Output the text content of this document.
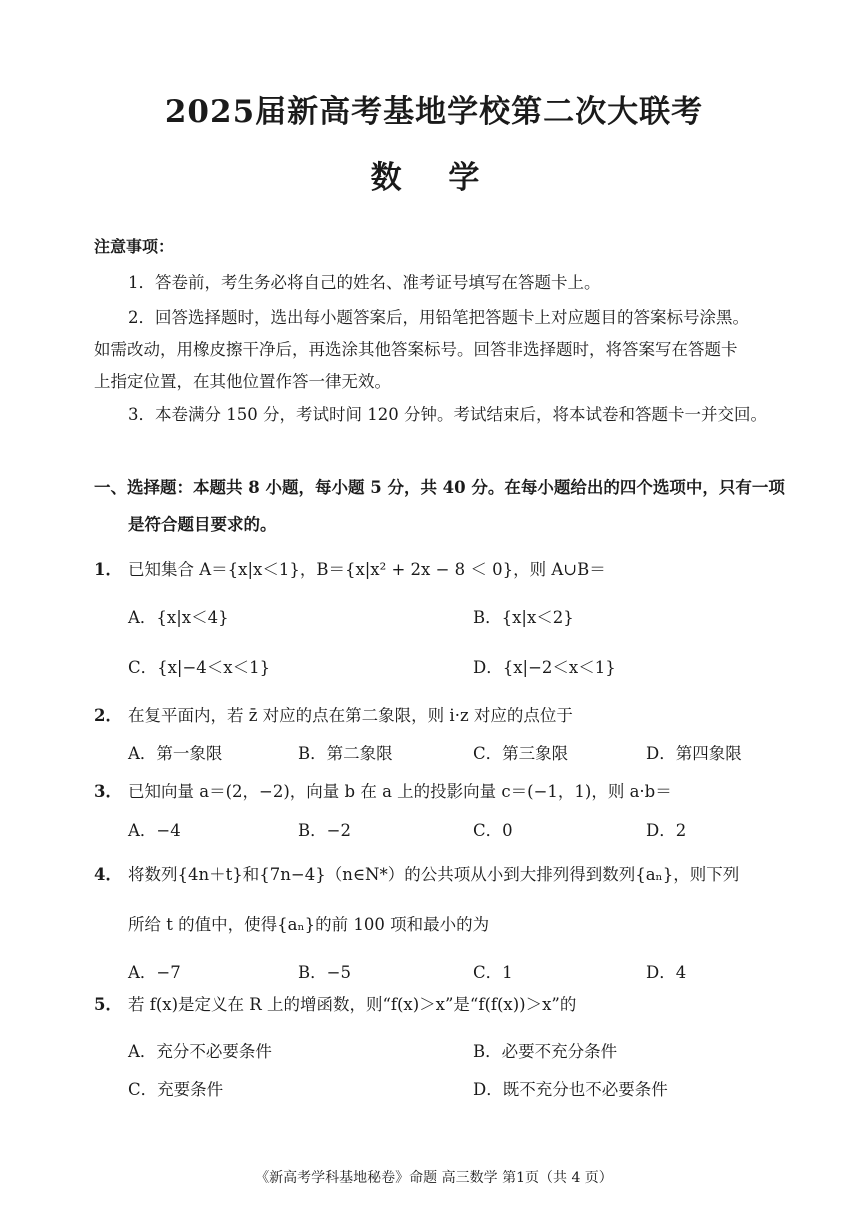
2025届新高考基地学校第二次大联考
数 学
注意事项：
1．答卷前，考生务必将自己的姓名、准考证号填写在答题卡上。
2．回答选择题时，选出每小题答案后，用铅笔把答题卡上对应题目的答案标号涂黑。
如需改动，用橡皮擦干净后，再选涂其他答案标号。回答非选择题时，将答案写在答题卡
上指定位置，在其他位置作答一律无效。
3．本卷满分 150 分，考试时间 120 分钟。考试结束后，将本试卷和答题卡一并交回。
一、选择题：本题共 8 小题，每小题 5 分，共 40 分。在每小题给出的四个选项中，只有一项
是符合题目要求的。
1． 已知集合 A＝{x|x＜1}，B＝{x|x² + 2x − 8 ＜ 0}，则 A∪B＝
A．{x|x＜4}	B．{x|x＜2}
C．{x|−4＜x＜1}	D．{x|−2＜x＜1}
2． 在复平面内，若 z̄ 对应的点在第二象限，则 i·z 对应的点位于
A．第一象限	B．第二象限	C．第三象限	D．第四象限
3． 已知向量 a＝(2，−2)，向量 b 在 a 上的投影向量 c＝(−1，1)，则 a·b＝
A．−4	B．−2	C．0	D．2
4． 将数列{4n＋t}和{7n−4}（n∈N*）的公共项从小到大排列得到数列{aₙ}，则下列
所给 t 的值中，使得{aₙ}的前 100 项和最小的为
A．−7	B．−5	C．1	D．4
5． 若 f(x)是定义在 R 上的增函数，则“f(x)＞x”是“f(f(x))＞x”的
A．充分不必要条件	B．必要不充分条件
C．充要条件	D．既不充分也不必要条件
《新高考学科基地秘卷》命题 高三数学 第1页（共 4 页）
